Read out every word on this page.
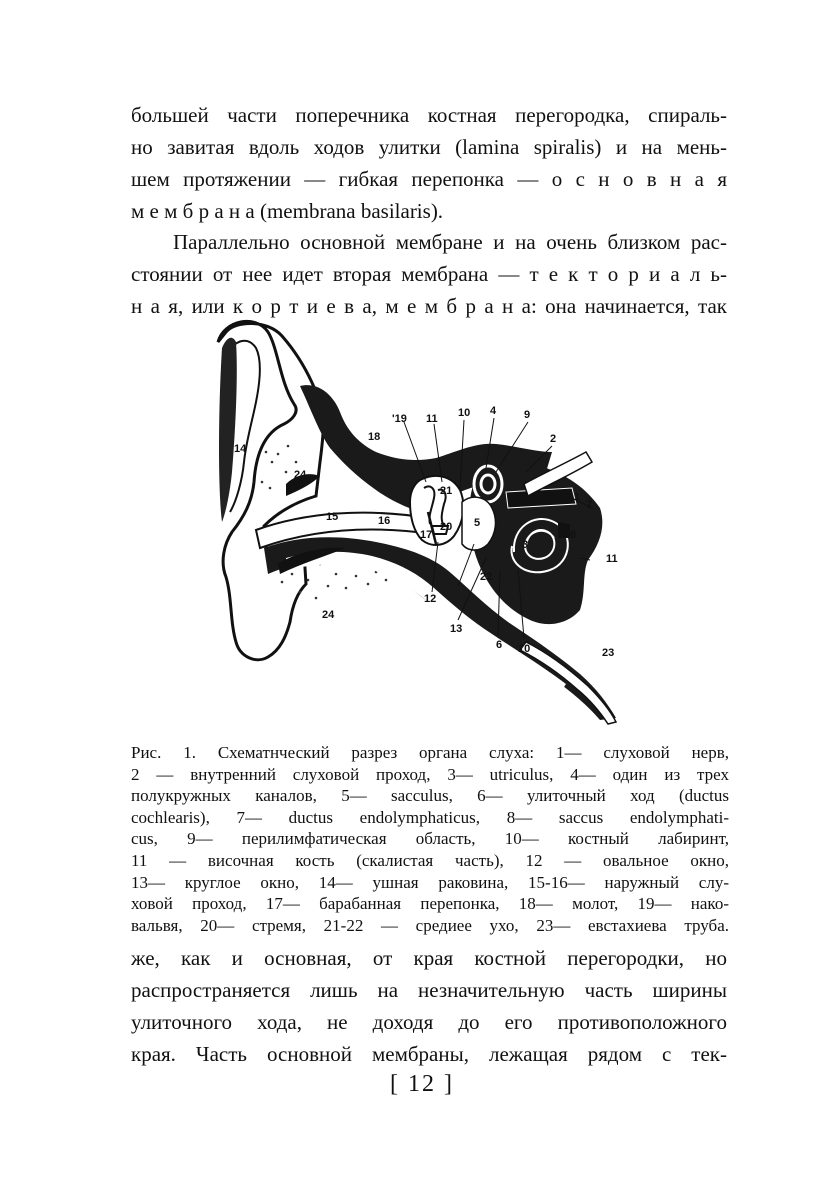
большей части поперечника костная перегородка, спираль-
но завитая вдоль ходов улитки (lamina spiralis) и на мень-
шем протяжении — гибкая перепонка — о с н о в н а я
м е м б р а н а (membrana basilaris).
Параллельно основной мембране и на очень близком рас-
стоянии от нее идет вторая мембрана — т е к т о р и а л ь-
н а я, или к о р т и е в а, м е м б р а н а: она начинается, так
14
24
15	16
18
'19 11 10 4	9
2
21
20
17
5
1
7
3
8
11
22
12
13
6 10	23
24
Рис. 1. Схематнческий разрез органа слуха: 1— слуховой нерв,
2 — внутренний слуховой проход, 3— utriculus, 4— один из трех
полукружных каналов, 5— sacculus, 6— улиточный ход (ductus
cochlearis), 7— ductus endolymphaticus, 8— saccus endolymphati-
cus, 9— перилимфатическая область, 10— костный лабиринт,
11 — височная кость (скалистая часть), 12 — овальное окно,
13— круглое окно, 14— ушная раковина, 15-16— наружный слу-
ховой проход, 17— барабанная перепонка, 18— молот, 19— нако-
вальвя, 20— стремя, 21-22 — средиее ухо, 23— евстахиева труба.
же, как и основная, от края костной перегородки, но
распространяется лишь на незначительную часть ширины
улиточного хода, не доходя до его противоположного
края. Часть основной мембраны, лежащая рядом с тек-
[ 12 ]
